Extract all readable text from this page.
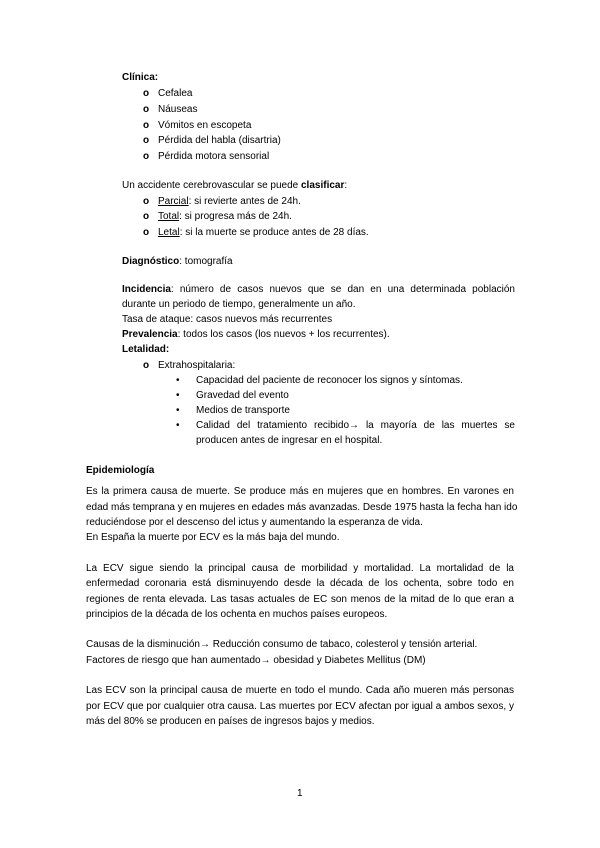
Clínica:
o Cefalea
o Náuseas
o Vómitos en escopeta
o Pérdida del habla (disartria)
o Pérdida motora sensorial
Un accidente cerebrovascular se puede clasificar:
o Parcial: si revierte antes de 24h.
o Total: si progresa más de 24h.
o Letal: si la muerte se produce antes de 28 días.
Diagnóstico: tomografía
Incidencia: número de casos nuevos que se dan en una determinada población
durante un periodo de tiempo, generalmente un año.
Tasa de ataque: casos nuevos más recurrentes
Prevalencia: todos los casos (los nuevos + los recurrentes).
Letalidad:
o Extrahospitalaria:
• Capacidad del paciente de reconocer los signos y síntomas.
• Gravedad del evento
• Medios de transporte
• Calidad del tratamiento recibido→ la mayoría de las muertes se
producen antes de ingresar en el hospital.
Epidemiología
Es la primera causa de muerte. Se produce más en mujeres que en hombres. En varones en
edad más temprana y en mujeres en edades más avanzadas. Desde 1975 hasta la fecha han ido
reduciéndose por el descenso del ictus y aumentando la esperanza de vida.
En España la muerte por ECV es la más baja del mundo.
La ECV sigue siendo la principal causa de morbilidad y mortalidad. La mortalidad de la
enfermedad coronaria está disminuyendo desde la década de los ochenta, sobre todo en
regiones de renta elevada. Las tasas actuales de EC son menos de la mitad de lo que eran a
principios de la década de los ochenta en muchos países europeos.
Causas de la disminución→ Reducción consumo de tabaco, colesterol y tensión arterial.
Factores de riesgo que han aumentado→ obesidad y Diabetes Mellitus (DM)
Las ECV son la principal causa de muerte en todo el mundo. Cada año mueren más personas
por ECV que por cualquier otra causa. Las muertes por ECV afectan por igual a ambos sexos, y
más del 80% se producen en países de ingresos bajos y medios.
1
